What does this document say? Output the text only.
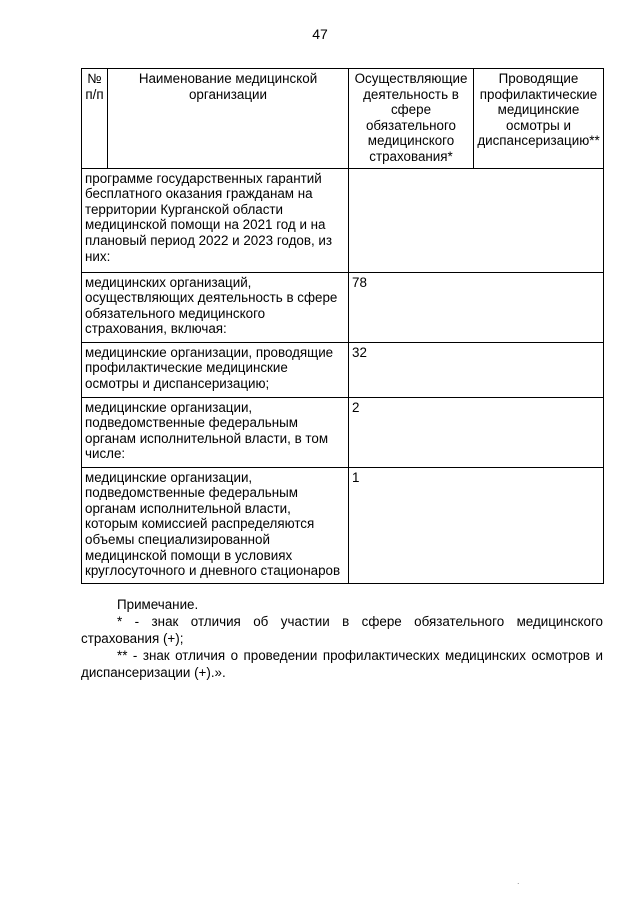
47
№
п/п	Наименование медицинской организации	Осуществляющие деятельность в сфере обязательного медицинского страхования*	Проводящие профилактические медицинские осмотры и диспансеризацию**
программе государственных гарантий бесплатного оказания гражданам на территории Курганской области медицинской помощи на 2021 год и на плановый период 2022 и 2023 годов, из них:			
медицинских организаций, осуществляющих деятельность в сфере обязательного медицинского страхования, включая:		78	
медицинские организации, проводящие профилактические медицинские осмотры и диспансеризацию;		32	
медицинские организации, подведомственные федеральным органам исполнительной власти, в том числе:		2	
медицинские организации, подведомственные федеральным органам исполнительной власти, которым комиссией распределяются объемы специализированной медицинской помощи в условиях круглосуточного и дневного стационаров		1	

Примечание.

* - знак отличия об участии в сфере обязательного медицинского страхования (+);

** - знак отличия о проведении профилактических медицинских осмотров и диспансеризации (+).».

.
